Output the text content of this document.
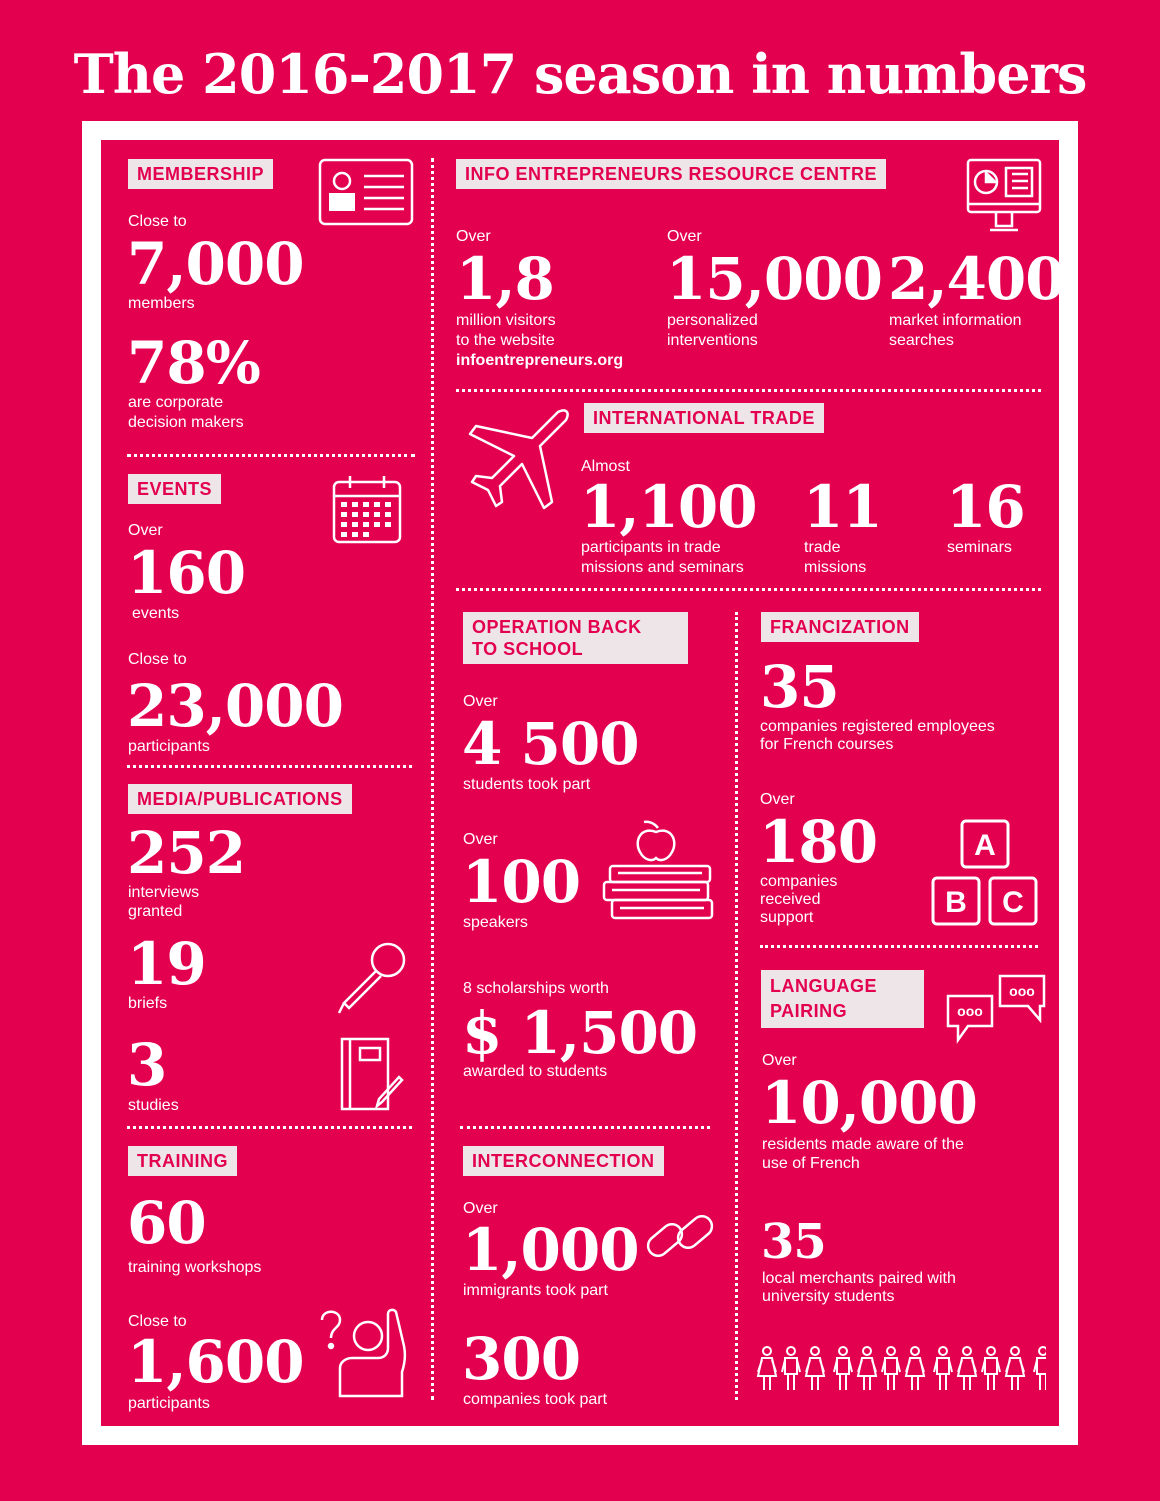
The 2016-2017 season in numbers
MEMBERSHIP
Close to
7,000
members
78%
are corporate
decision makers
EVENTS
Over
160
events
Close to
23,000
participants
MEDIA/PUBLICATIONS
252
interviews
granted
19
briefs
3
studies
TRAINING
60
training workshops
Close to
1,600
participants
INFO ENTREPRENEURS RESOURCE CENTRE
Over
1,8
million visitors
to the website
infoentrepreneurs.org
Over
15,000
personalized
interventions
2,400
market information
searches
INTERNATIONAL TRADE
Almost
1,100
participants in trade
missions and seminars
11
trade
missions
16
seminars
OPERATION BACK
TO SCHOOL
Over
4 500
students took part
Over
100
speakers
8 scholarships worth
$ 1,500
awarded to students
INTERCONNECTION
Over
1,000
immigrants took part
300
companies took part
FRANCIZATION
35
companies registered employees
for French courses
Over
180
companies
received
support
A
B C
LANGUAGE
PAIRING
ooo
ooo
Over
10,000
residents made aware of the
use of French
35
local merchants paired with
university students
